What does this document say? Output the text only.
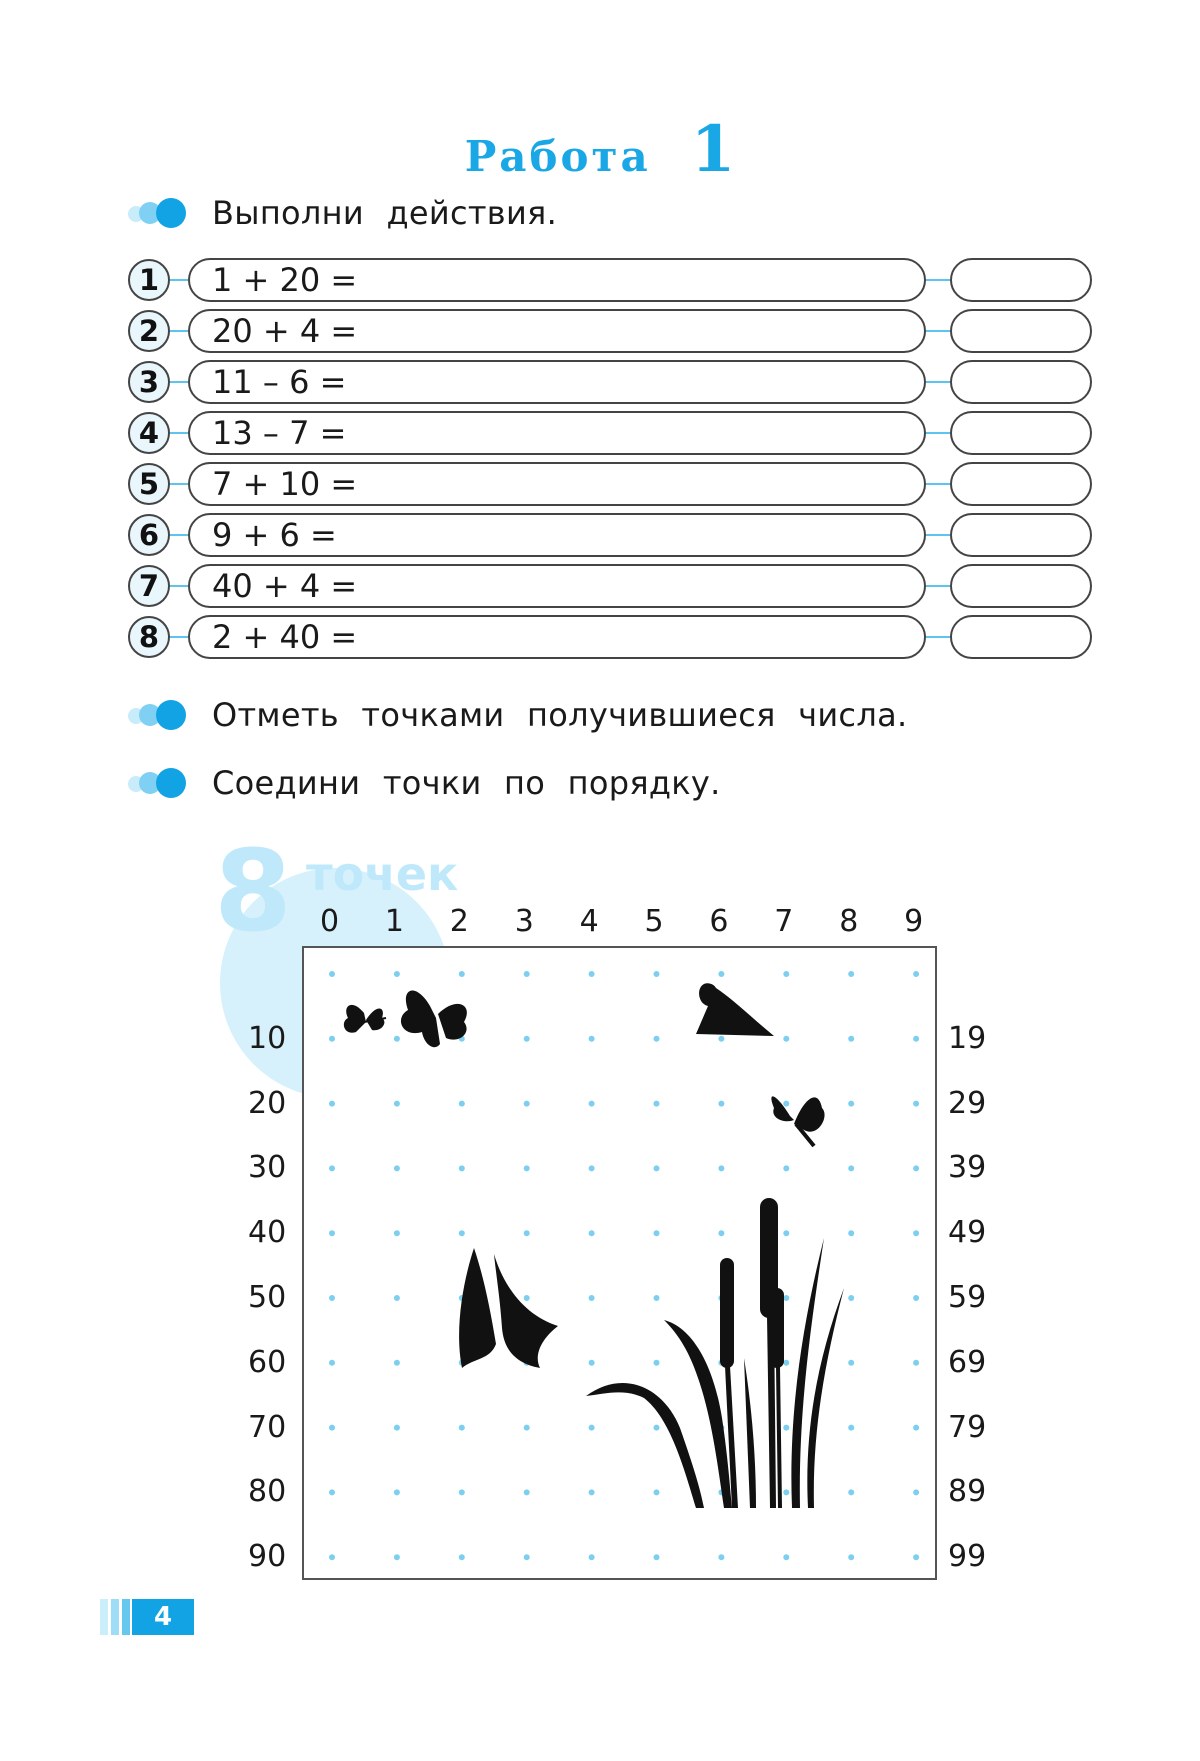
Работа 1
Выполни действия.
1	1 + 20 =
2	20 + 4 =
3	11 – 6 =
4	13 – 7 =
5	7 + 10 =
6	9 + 6 =
7	40 + 4 =
8	2 + 40 =
Отметь точками получившиеся числа.
Соедини точки по порядку.
8 точек
0 1 2 3 4 5 6 7 8 9
10
20
30
40
50
60
70
80
90
19
29
39
49
59
69
79
89
99
4
